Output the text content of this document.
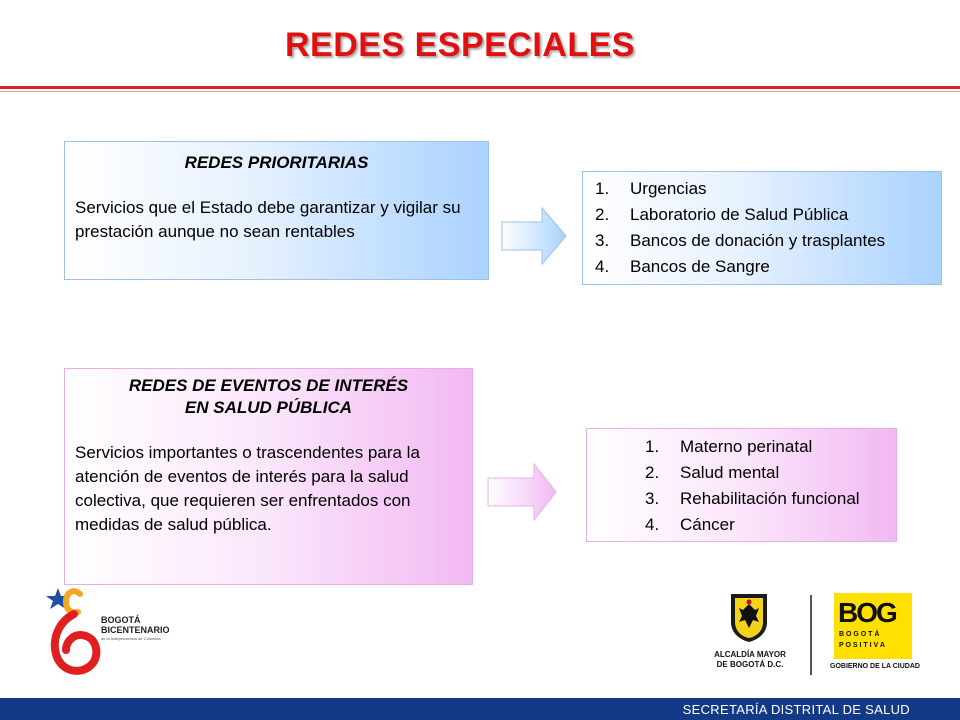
REDES ESPECIALES
REDES PRIORITARIAS
Servicios que el Estado debe garantizar y vigilar su prestación aunque no sean rentables
1. Urgencias
2. Laboratorio de Salud Pública
3. Bancos de donación y trasplantes
4. Bancos de Sangre
REDES DE EVENTOS DE INTERÉS
EN SALUD PÚBLICA
Servicios importantes o trascendentes para la atención de eventos de interés para la salud colectiva, que requieren ser enfrentados con medidas de salud pública.
1. Materno perinatal
2. Salud mental
3. Rehabilitación funcional
4. Cáncer
BOGOTÁ
BICENTENARIO
de la Independencia de Colombia
ALCALDÍA MAYOR
DE BOGOTÁ D.C.
BOG
B O G O T Á
P O S I T I V A
GOBIERNO DE LA CIUDAD
SECRETARÍA DISTRITAL DE SALUD
